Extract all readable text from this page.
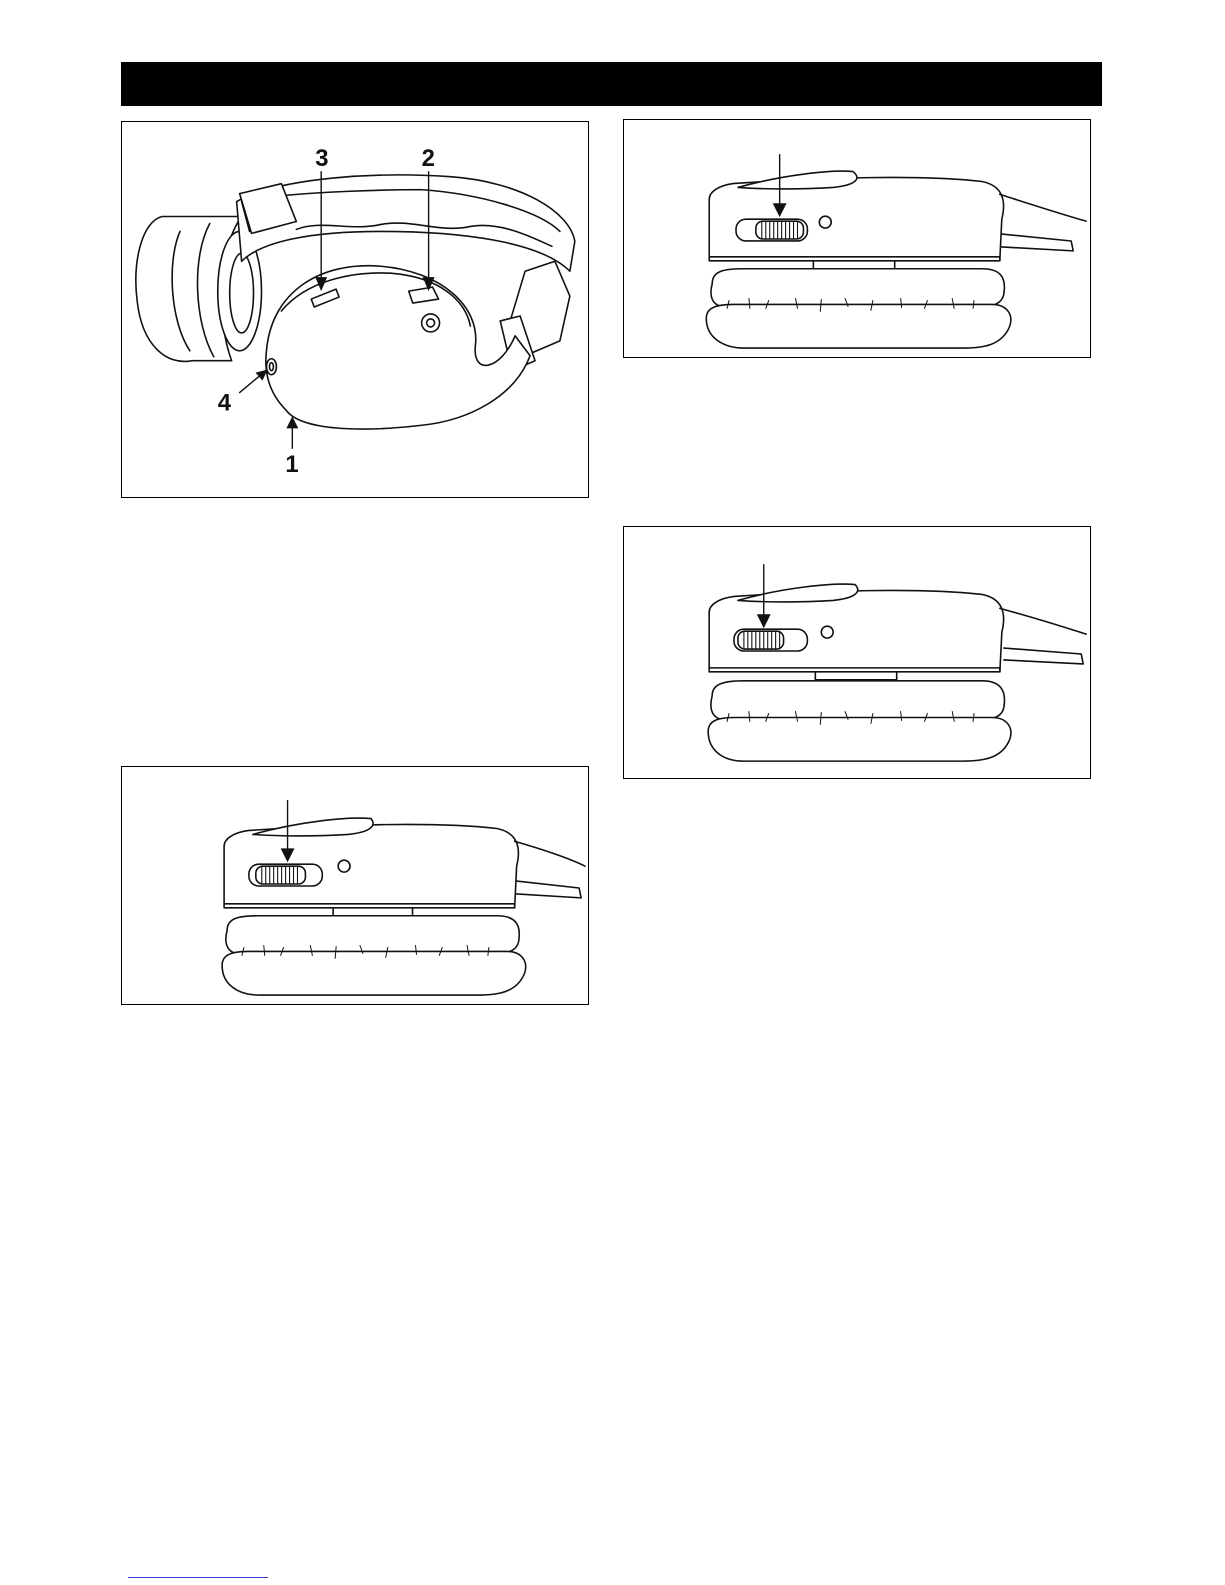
3	2
4
1
